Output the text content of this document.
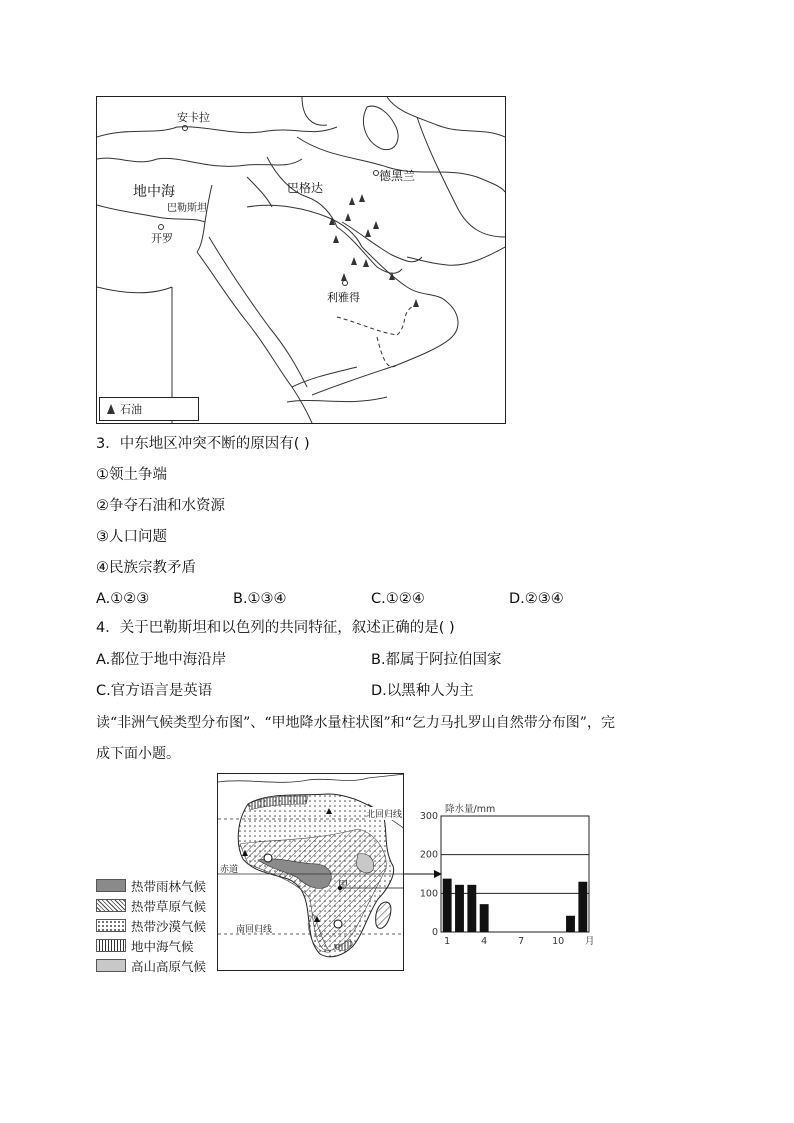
安卡拉
地中海	巴格达
德黑兰
巴勒斯坦
开罗
利雅得
石油
3．中东地区冲突不断的原因有( )
①领土争端
②争夺石油和水资源
③人口问题
④民族宗教矛盾
A.①②③	B.①③④	C.①②④	D.②③④
4．关于巴勒斯坦和以色列的共同特征，叙述正确的是( )
A.都位于地中海沿岸	B.都属于阿拉伯国家
C.官方语言是英语	D.以黑种人为主
读“非洲气候类型分布图”、“甲地降水量柱状图”和“乞力马扎罗山自然带分布图”，完
成下面小题。
热带雨林气候
热带草原气候
热带沙漠气候
地中海气候
高山高原气候
北回归线
赤道
南回归线
甲
0
100
200
300
1	4	7	10 月
降水量/mm
